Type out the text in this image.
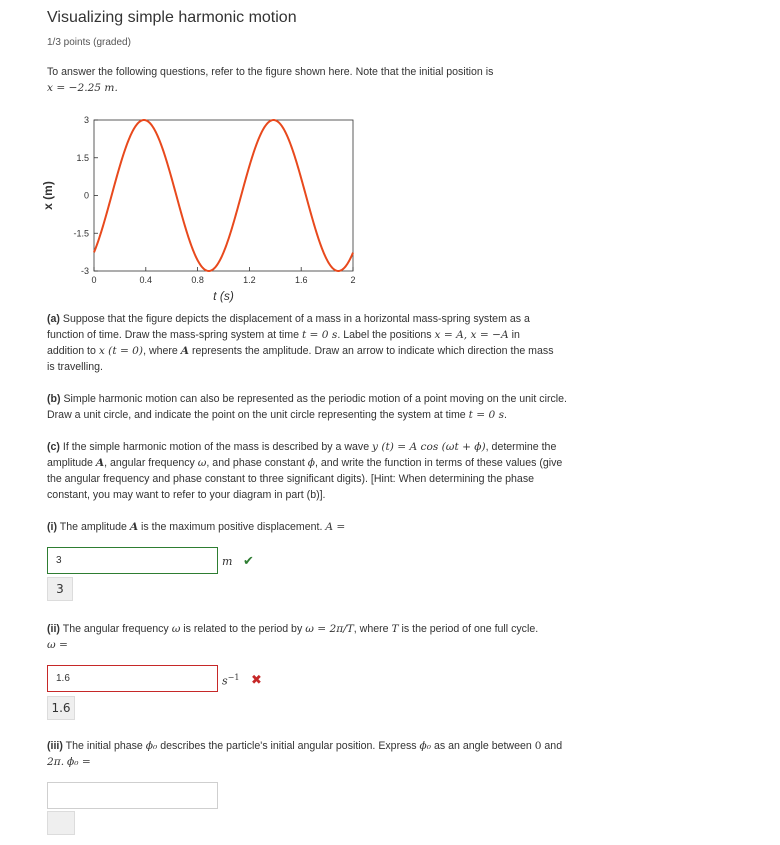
Visualizing simple harmonic motion
1/3 points (graded)
To answer the following questions, refer to the figure shown here. Note that the initial position is
x = −2.25 m.
0	0.4	0.8	1.2	1.6	2
3
1.5
0
-1.5
-3
t (s)
x (m)
(a) Suppose that the figure depicts the displacement of a mass in a horizontal mass-spring system as a
function of time. Draw the mass-spring system at time t = 0 s. Label the positions x = A, x = −A in
addition to x (t = 0), where A represents the amplitude. Draw an arrow to indicate which direction the mass
is travelling.
(b) Simple harmonic motion can also be represented as the periodic motion of a point moving on the unit circle.
Draw a unit circle, and indicate the point on the unit circle representing the system at time t = 0 s.
(c) If the simple harmonic motion of the mass is described by a wave y (t) = A cos (ωt + ϕ), determine the
amplitude A, angular frequency ω, and phase constant ϕ, and write the function in terms of these values (give
the angular frequency and phase constant to three significant digits). [Hint: When determining the phase
constant, you may want to refer to your diagram in part (b)].
(i) The amplitude A is the maximum positive displacement. A =
3	m ✔
3
(ii) The angular frequency ω is related to the period by ω = 2π/T, where T is the period of one full cycle.
ω =
1.6	$s^{-1}$ ✖
1.6
(iii) The initial phase ϕ₀ describes the particle's initial angular position. Express ϕ₀ as an angle between 0 and
2π. ϕ₀ =
